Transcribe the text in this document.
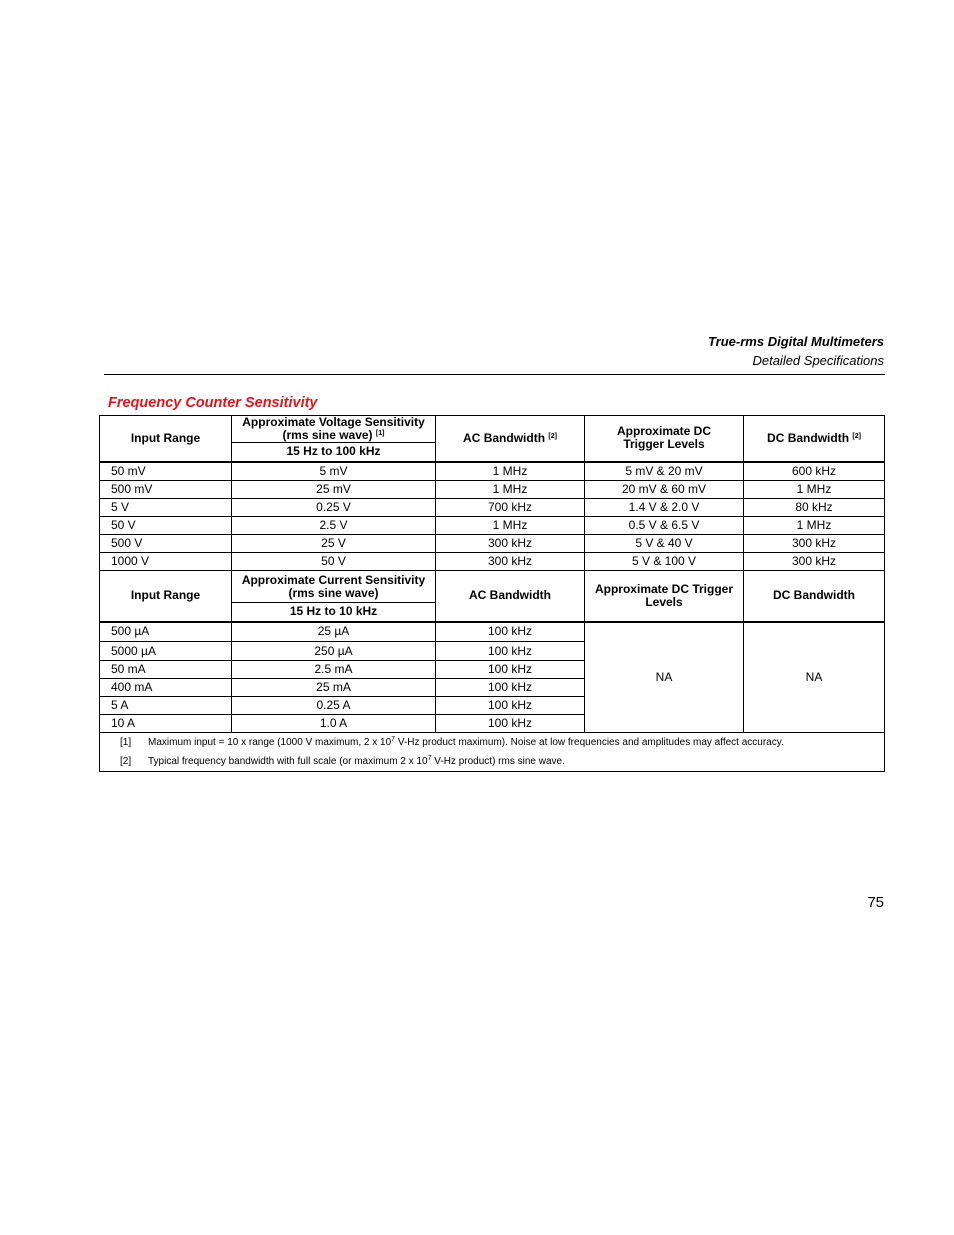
True-rms Digital Multimeters
Detailed Specifications
Frequency Counter Sensitivity
Input Range	Approximate Voltage Sensitivity
(rms sine wave) [1]	AC Bandwidth [2]	Approximate DC
Trigger Levels	DC Bandwidth [2]
	15 Hz to 100 kHz			
50 mV	5 mV	1 MHz	5 mV & 20 mV	600 kHz
500 mV	25 mV	1 MHz	20 mV & 60 mV	1 MHz
5 V	0.25 V	700 kHz	1.4 V & 2.0 V	80 kHz
50 V	2.5 V	1 MHz	0.5 V & 6.5 V	1 MHz
500 V	25 V	300 kHz	5 V & 40 V	300 kHz
1000 V	50 V	300 kHz	5 V & 100 V	300 kHz
Input Range	Approximate Current Sensitivity
(rms sine wave)	AC Bandwidth	Approximate DC Trigger
Levels	DC Bandwidth
	15 Hz to 10 kHz			
500 µA	25 µA	100 kHz	NA	NA
5000 µA	250 µA	100 kHz		
50 mA	2.5 mA	100 kHz		
400 mA	25 mA	100 kHz		
5 A	0.25 A	100 kHz		
10 A	1.0 A	100 kHz		

[1] Maximum input = 10 x range (1000 V maximum, 2 x $10^7$ V-Hz product maximum). Noise at low frequencies and amplitudes may affect accuracy.
[2] Typical frequency bandwidth with full scale (or maximum 2 x $10^7$ V-Hz product) rms sine wave.				
75
